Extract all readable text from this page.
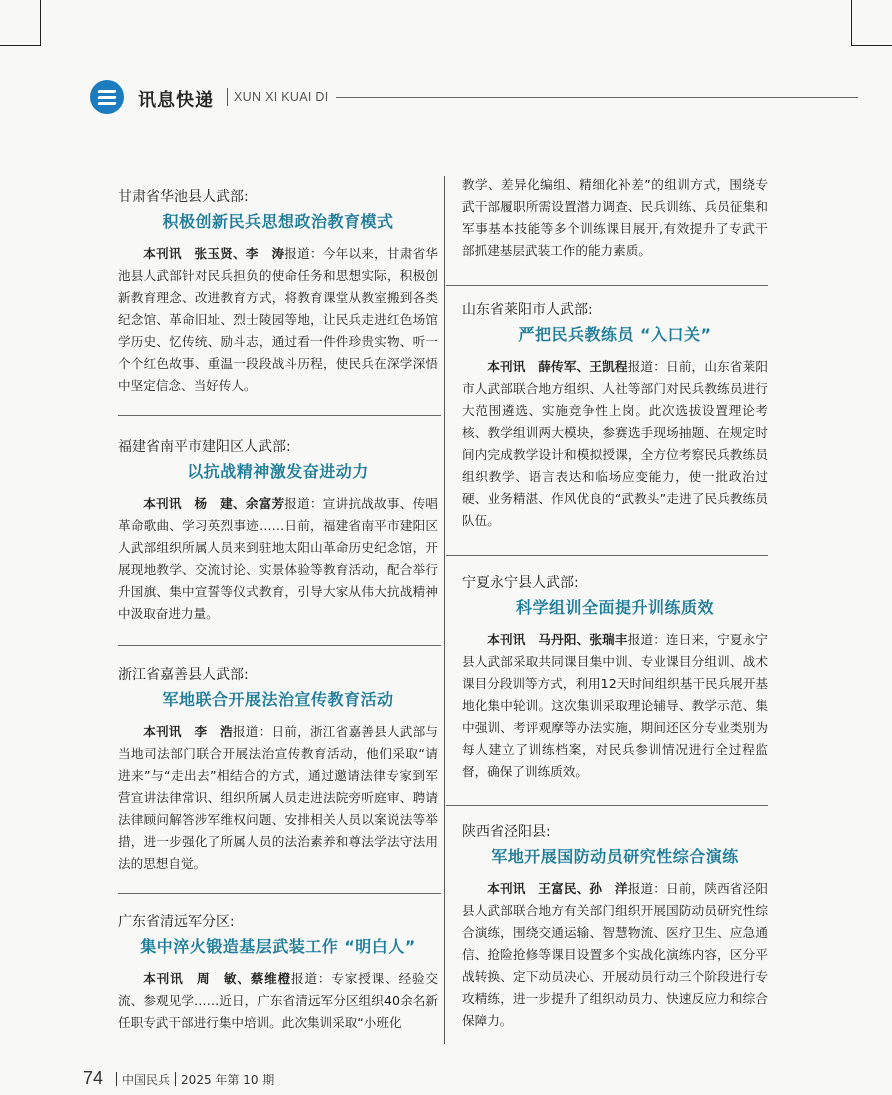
讯息快递 XUN XI KUAI DI
甘肃省华池县人武部:
积极创新民兵思想政治教育模式
本刊讯　张玉贤、李　涛报道：今年以来，甘肃省华池县人武部针对民兵担负的使命任务和思想实际，积极创新教育理念、改进教育方式，将教育课堂从教室搬到各类纪念馆、革命旧址、烈士陵园等地，让民兵走进红色场馆学历史、忆传统、励斗志，通过看一件件珍贵实物、听一个个红色故事、重温一段段战斗历程，使民兵在深学深悟中坚定信念、当好传人。
福建省南平市建阳区人武部:
以抗战精神激发奋进动力
本刊讯　杨　建、余富芳报道：宣讲抗战故事、传唱革命歌曲、学习英烈事迹……日前，福建省南平市建阳区人武部组织所属人员来到驻地太阳山革命历史纪念馆，开展现地教学、交流讨论、实景体验等教育活动，配合举行升国旗、集中宣誓等仪式教育，引导大家从伟大抗战精神中汲取奋进力量。
浙江省嘉善县人武部:
军地联合开展法治宣传教育活动
本刊讯　李　浩报道：日前，浙江省嘉善县人武部与当地司法部门联合开展法治宣传教育活动，他们采取“请进来”与“走出去”相结合的方式，通过邀请法律专家到军营宣讲法律常识、组织所属人员走进法院旁听庭审、聘请法律顾问解答涉军维权问题、安排相关人员以案说法等举措，进一步强化了所属人员的法治素养和尊法学法守法用法的思想自觉。
广东省清远军分区:
集中淬火锻造基层武装工作 “明白人”
本刊讯　周　敏、蔡维橙报道：专家授课、经验交流、参观见学……近日，广东省清远军分区组织40余名新任职专武干部进行集中培训。此次集训采取“小班化
教学、差异化编组、精细化补差”的组训方式，围绕专武干部履职所需设置潜力调查、民兵训练、兵员征集和军事基本技能等多个训练课目展开,有效提升了专武干部抓建基层武装工作的能力素质。
山东省莱阳市人武部:
严把民兵教练员 “入口关”
本刊讯　薛传军、王凯程报道：日前，山东省莱阳市人武部联合地方组织、人社等部门对民兵教练员进行大范围遴选、实施竞争性上岗。此次选拔设置理论考核、教学组训两大模块，参赛选手现场抽题、在规定时间内完成教学设计和模拟授课，全方位考察民兵教练员组织教学、语言表达和临场应变能力，使一批政治过硬、业务精湛、作风优良的“武教头”走进了民兵教练员队伍。
宁夏永宁县人武部:
科学组训全面提升训练质效
本刊讯　马丹阳、张瑞丰报道：连日来，宁夏永宁县人武部采取共同课目集中训、专业课目分组训、战术课目分段训等方式，利用12天时间组织基干民兵展开基地化集中轮训。这次集训采取理论辅导、教学示范、集中强训、考评观摩等办法实施，期间还区分专业类别为每人建立了训练档案，对民兵参训情况进行全过程监督，确保了训练质效。
陕西省泾阳县:
军地开展国防动员研究性综合演练
本刊讯　王富民、孙　洋报道：日前，陕西省泾阳县人武部联合地方有关部门组织开展国防动员研究性综合演练，围绕交通运输、智慧物流、医疗卫生、应急通信、抢险抢修等课目设置多个实战化演练内容，区分平战转换、定下动员决心、开展动员行动三个阶段进行专攻精练，进一步提升了组织动员力、快速反应力和综合保障力。
74 中国民兵 2025 年第 10 期
